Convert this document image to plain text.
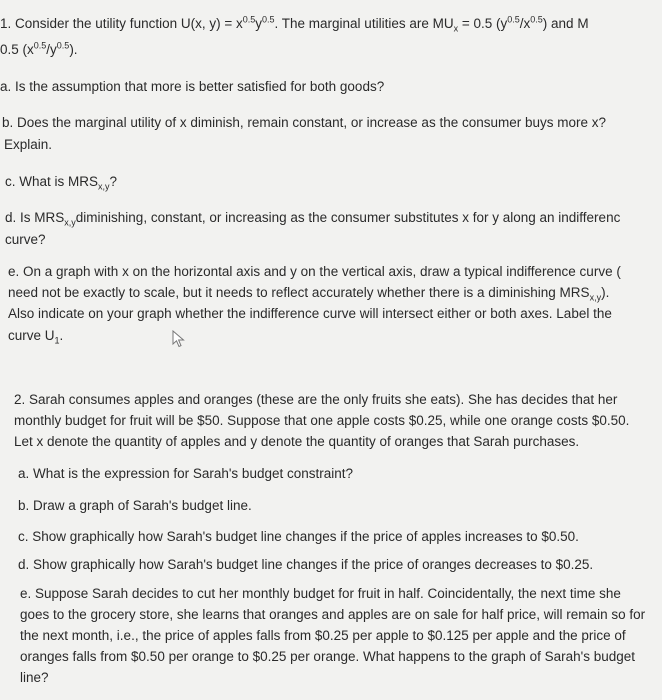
1. Consider the utility function U(x, $y) = x^{0.5}y^{0.5}$. The marginal utilities are $MU_x = 0.5$ $(y^{0.5}/x^{0.5})$ and M
0.5 $(x^{0.5}/y^{0.5})$.
a. Is the assumption that more is better satisfied for both goods?
b. Does the marginal utility of x diminish, remain constant, or increase as the consumer buys more x?
Explain.
c. What is $MRS_{x,y}$?
d. Is $MRS_{x,y}diminishing$, constant, or increasing as the consumer substitutes x for y along an indifferenc
curve?
e. On a graph with x on the horizontal axis and y on the vertical axis, draw a typical indifference curve (
need not be exactly to scale, but it needs to reflect accurately whether there is a diminishing $MRS_{x,y}$).
Also indicate on your graph whether the indifference curve will intersect either or both axes. Label the
curve $U_1$.
2. Sarah consumes apples and oranges (these are the only fruits she eats). She has decides that her
monthly budget for fruit will be $50. Suppose that one apple costs $0.25, while one orange costs $0.50.
Let x denote the quantity of apples and y denote the quantity of oranges that Sarah purchases.
a. What is the expression for Sarah's budget constraint?
b. Draw a graph of Sarah's budget line.
c. Show graphically how Sarah's budget line changes if the price of apples increases to $0.50.
d. Show graphically how Sarah's budget line changes if the price of oranges decreases to $0.25.
e. Suppose Sarah decides to cut her monthly budget for fruit in half. Coincidentally, the next time she
goes to the grocery store, she learns that oranges and apples are on sale for half price, will remain so for
the next month, i.e., the price of apples falls from $0.25 per apple to $0.125 per apple and the price of
oranges falls from $0.50 per orange to $0.25 per orange. What happens to the graph of Sarah's budget
line?
